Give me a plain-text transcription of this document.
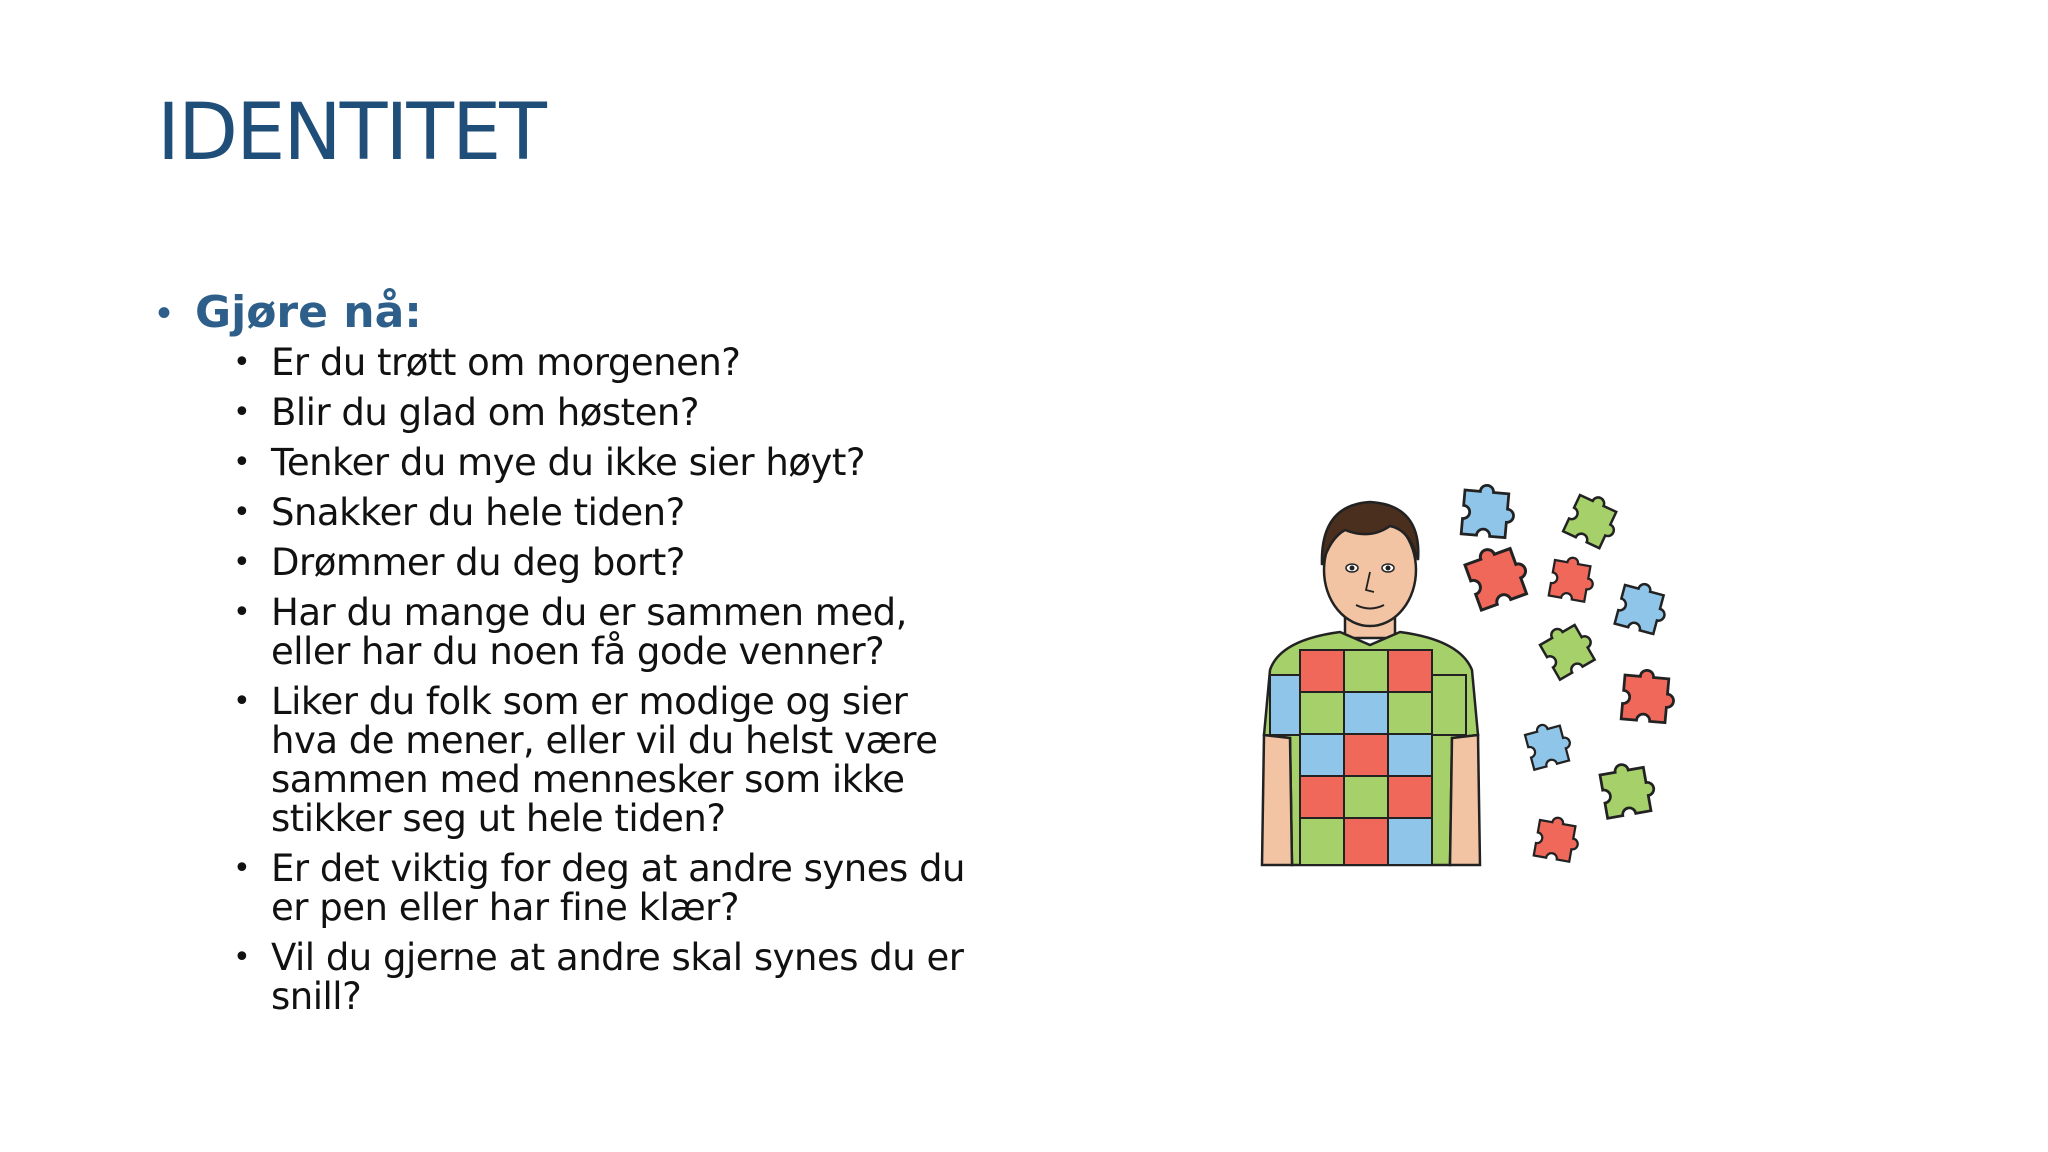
IDENTITET
• Gjøre nå:
• Er du trøtt om morgenen?
• Blir du glad om høsten?
• Tenker du mye du ikke sier høyt?
• Snakker du hele tiden?
• Drømmer du deg bort?
• Har du mange du er sammen med, eller har du noen få gode venner?
• Liker du folk som er modige og sier hva de mener, eller vil du helst være sammen med mennesker som ikke stikker seg ut hele tiden?
• Er det viktig for deg at andre synes du er pen eller har fine klær?
• Vil du gjerne at andre skal synes du er snill?
